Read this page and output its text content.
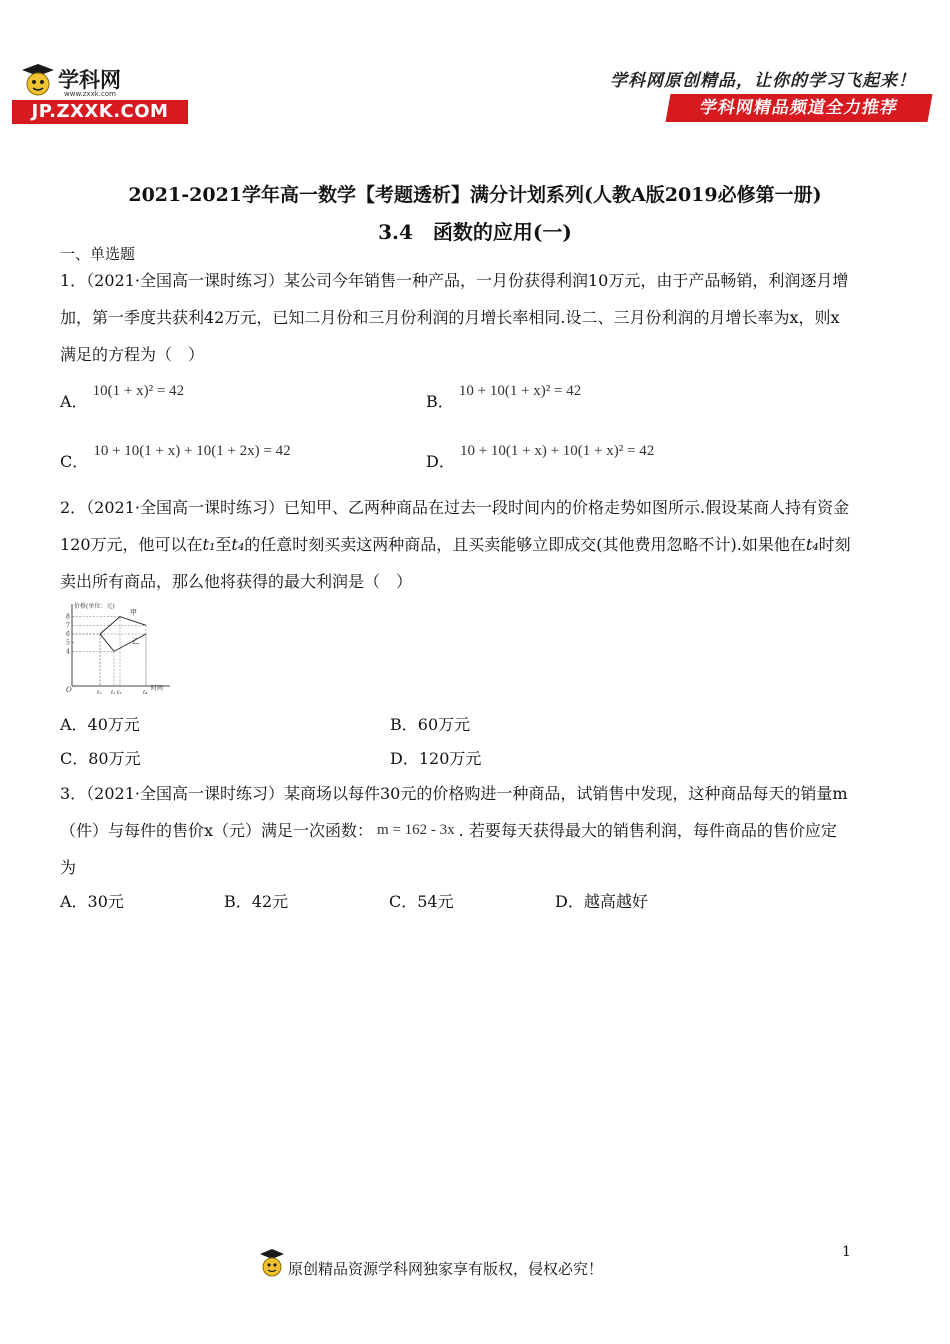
学科网
www.zxxk.com
JP.ZXXK.COM
学科网原创精品，让你的学习飞起来！
学科网精品频道全力推荐
2021-2021学年高一数学【考题透析】满分计划系列(人教A版2019必修第一册)
3.4　函数的应用(一)
一、单选题
1．（2021·全国高一课时练习）某公司今年销售一种产品，一月份获得利润10万元，由于产品畅销，利润逐月增
加，第一季度共获利42万元，已知二月份和三月份利润的月增长率相同.设二、三月份利润的月增长率为x，则x
满足的方程为（　）
A． 10(1 + x)² = 42
B． 10 + 10(1 + x)² = 42
C． 10 + 10(1 + x) + 10(1 + 2x) = 42
D． 10 + 10(1 + x) + 10(1 + x)² = 42
2．（2021·全国高一课时练习）已知甲、乙两种商品在过去一段时间内的价格走势如图所示.假设某商人持有资金
120万元，他可以在t₁至t₄的任意时刻买卖这两种商品，且买卖能够立即成交(其他费用忽略不计).如果他在t₄时刻
卖出所有商品，那么他将获得的最大利润是（　）
价格(单位：元)
时间
O
4
5
6
7
8
t₁ t₂ t₃	t₄
甲
乙
A．40万元	B．60万元
C．80万元	D．120万元
3．（2021·全国高一课时练习）某商场以每件30元的价格购进一种商品，试销售中发现，这种商品每天的销量m
（件）与每件的售价x（元）满足一次函数： m = 162 - 3x . 若要每天获得最大的销售利润，每件商品的售价应定
为
A．30元	B．42元	C．54元	D．越高越好
原创精品资源学科网独家享有版权，侵权必究！
1
